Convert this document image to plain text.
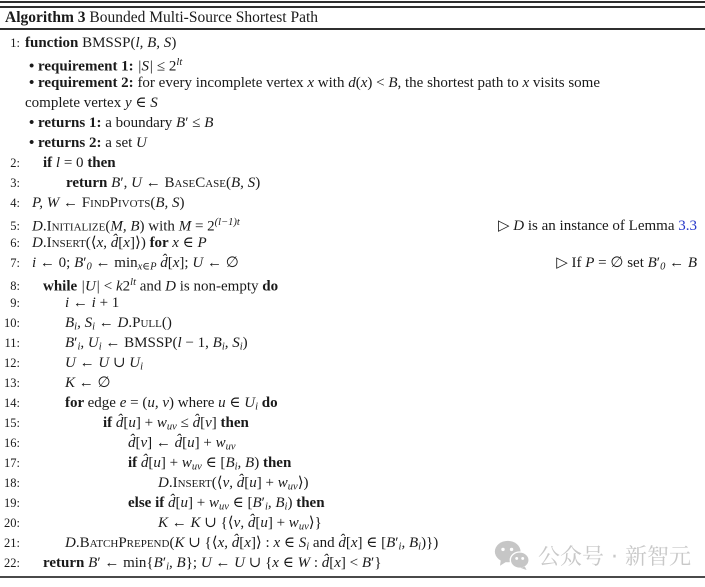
Algorithm 3 Bounded Multi-Source Shortest Path
1: function BMSSP(l, B, S)
• requirement 1: $|S| \le 2^{lt}$
• requirement 2: for every incomplete vertex x with d(x) < B, the shortest path to x visits some
complete vertex y ∈ S
• returns 1: a boundary B′ ≤ B
• returns 2: a set U
2:	if l = 0 then
3:	return B′, U ← BaseCase(B, S)
4: P, W ← FindPivots(B, S)
5: D.Initialize(M, B) with $M = 2^{(l-1)t}$	▷ D is an instance of Lemma 3.3
6: D.Insert(⟨x, d̂[x]⟩) for x ∈ P
7: i ← 0; $B'_0$ ← $\min_{x\in P}$ d̂[x]; U ← ∅	▷ If P = ∅ set $B'_0$ ← B
8:	while $|U| < k2^{lt}$ and D is non-empty do
9:	i ← i + 1
10:	$B_i$, $S_i$ ← D.Pull()
11:	$B'_i$, $U_i$ ← BMSSP(l − 1, $B_i$, $S_i$)
12:	U ← U ∪ $U_i$
13:	K ← ∅
14:	for edge e = (u, v) where u ∈ $U_i$ do
15:	if d̂[u] + $w_{uv}$ ≤ d̂[v] then
16:	d̂[v] ← d̂[u] + $w_{uv}$
17:	if d̂[u] + $w_{uv}$ ∈ [$B_i$, B) then
18:	D.Insert(⟨v, d̂[u] + $w_{uv}⟩$)
19:	else if d̂[u] + $w_{uv}$ ∈ [$B'_i$, $B_i$) then
20:	K ← K ∪ {⟨v, d̂[u] + $w_{uv}⟩$}
21:	D.BatchPrepend(K ∪ {⟨x, d̂[x]⟩ : x ∈ $S_i$ and d̂[x] ∈ [$B'_i$, $B_i$)})
22:	return B′ ← $\min\{B'_i$, B}; U ← U ∪ {x ∈ W : d̂[x] < B′}	公众号 · 新智元
